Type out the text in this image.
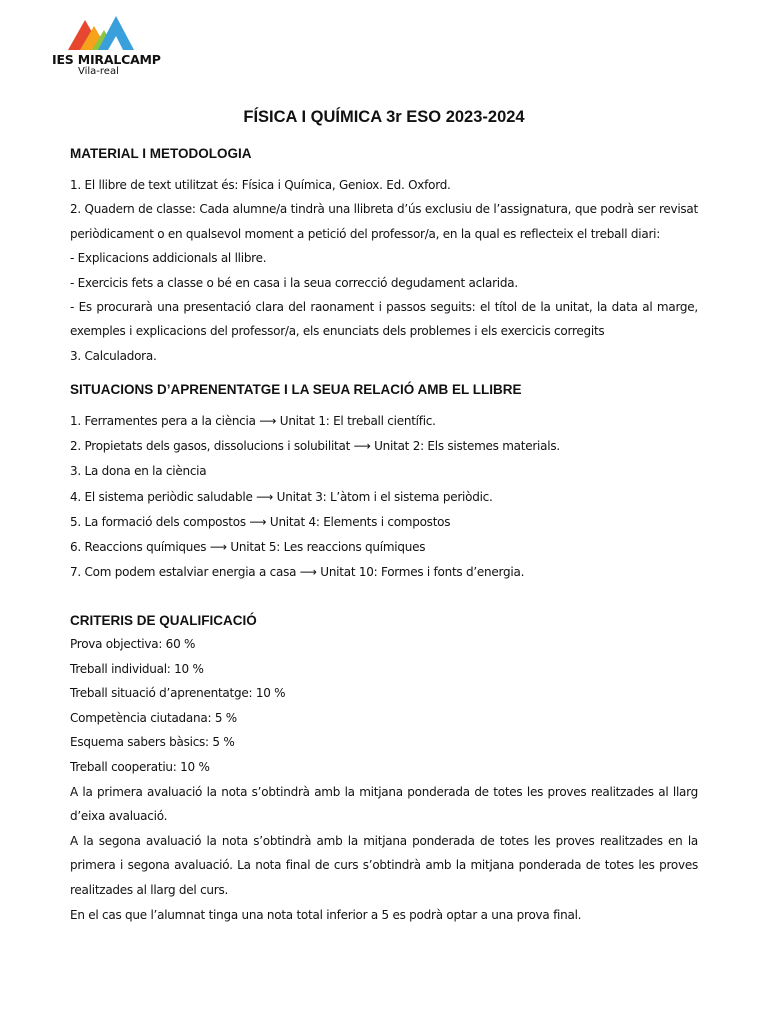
IES MIRALCAMP
Vila-real
FÍSICA I QUÍMICA 3r ESO 2023-2024
MATERIAL I METODOLOGIA
1. El llibre de text utilitzat és: Física i Química, Geniox. Ed. Oxford.
2. Quadern de classe: Cada alumne/a tindrà una llibreta d’ús exclusiu de l’assignatura, que podrà ser revisat periòdicament o en qualsevol moment a petició del professor/a, en la qual es reflecteix el treball diari:
- Explicacions addicionals al llibre.
- Exercicis fets a classe o bé en casa i la seua correcció degudament aclarida.
- Es procurarà una presentació clara del raonament i passos seguits: el títol de la unitat, la data al marge, exemples i explicacions del professor/a, els enunciats dels problemes i els exercicis corregits
3. Calculadora.
SITUACIONS D’APRENENTATGE I LA SEUA RELACIÓ AMB EL LLIBRE
1. Ferramentes pera a la ciència ⟶ Unitat 1: El treball científic.
2. Propietats dels gasos, dissolucions i solubilitat ⟶ Unitat 2: Els sistemes materials.
3. La dona en la ciència
4. El sistema periòdic saludable ⟶ Unitat 3: L’àtom i el sistema periòdic.
5. La formació dels compostos ⟶ Unitat 4: Elements i compostos
6. Reaccions químiques ⟶ Unitat 5: Les reaccions químiques
7. Com podem estalviar energia a casa ⟶ Unitat 10: Formes i fonts d’energia.
CRITERIS DE QUALIFICACIÓ
Prova objectiva: 60 %
Treball individual: 10 %
Treball situació d’aprenentatge: 10 %
Competència ciutadana: 5 %
Esquema sabers bàsics: 5 %
Treball cooperatiu: 10 %
A la primera avaluació la nota s’obtindrà amb la mitjana ponderada de totes les proves realitzades al llarg d’eixa avaluació.
A la segona avaluació la nota s’obtindrà amb la mitjana ponderada de totes les proves realitzades en la primera i segona avaluació. La nota final de curs s’obtindrà amb la mitjana ponderada de totes les proves realitzades al llarg del curs.
En el cas que l’alumnat tinga una nota total inferior a 5 es podrà optar a una prova final.
